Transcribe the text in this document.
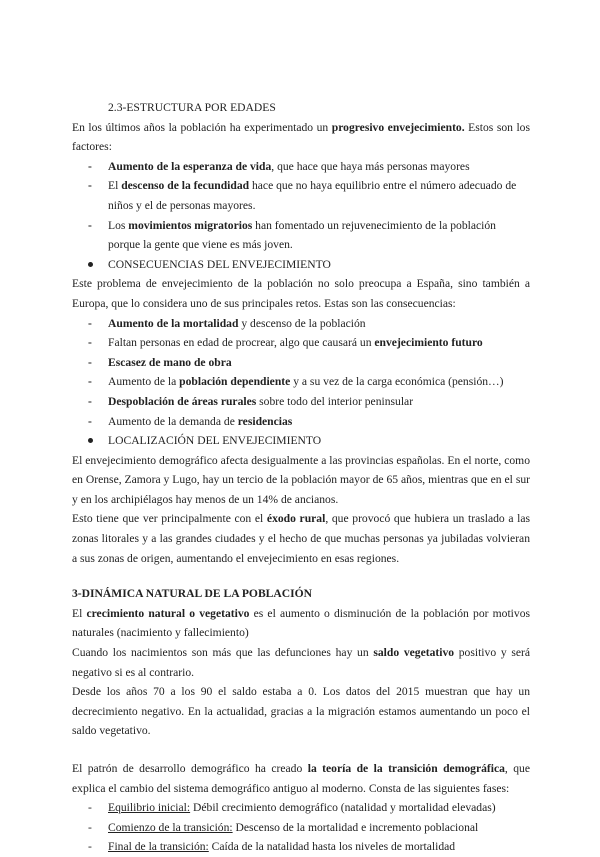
2.3-ESTRUCTURA POR EDADES

En los últimos años la población ha experimentado un progresivo envejecimiento. Estos son los factores:

-	Aumento de la esperanza de vida, que hace que haya más personas mayores
-	El descenso de la fecundidad hace que no haya equilibrio entre el número adecuado de niños y el de personas mayores.
-	Los movimientos migratorios han fomentado un rejuvenecimiento de la población porque la gente que viene es más joven.
CONSECUENCIAS DEL ENVEJECIMIENTO

Este problema de envejecimiento de la población no solo preocupa a España, sino también a Europa, que lo considera uno de sus principales retos. Estas son las consecuencias:

-	Aumento de la mortalidad y descenso de la población
-	Faltan personas en edad de procrear, algo que causará un envejecimiento futuro
-	Escasez de mano de obra
-	Aumento de la población dependiente y a su vez de la carga económica (pensión…)
-	Despoblación de áreas rurales sobre todo del interior peninsular
-	Aumento de la demanda de residencias
LOCALIZACIÓN DEL ENVEJECIMIENTO

El envejecimiento demográfico afecta desigualmente a las provincias españolas. En el norte, como en Orense, Zamora y Lugo, hay un tercio de la población mayor de 65 años, mientras que en el sur y en los archipiélagos hay menos de un 14% de ancianos.

Esto tiene que ver principalmente con el éxodo rural, que provocó que hubiera un traslado a las zonas litorales y a las grandes ciudades y el hecho de que muchas personas ya jubiladas volvieran a sus zonas de origen, aumentando el envejecimiento en esas regiones.

3-DINÁMICA NATURAL DE LA POBLACIÓN

El crecimiento natural o vegetativo es el aumento o disminución de la población por motivos naturales (nacimiento y fallecimiento)

Cuando los nacimientos son más que las defunciones hay un saldo vegetativo positivo y será negativo si es al contrario.

Desde los años 70 a los 90 el saldo estaba a 0. Los datos del 2015 muestran que hay un decrecimiento negativo. En la actualidad, gracias a la migración estamos aumentando un poco el saldo vegetativo.

El patrón de desarrollo demográfico ha creado la teoría de la transición demográfica, que explica el cambio del sistema demográfico antiguo al moderno. Consta de las siguientes fases:

-	Equilibrio inicial: Débil crecimiento demográfico (natalidad y mortalidad elevadas)
-	Comienzo de la transición: Descenso de la mortalidad e incremento poblacional
-	Final de la transición: Caída de la natalidad hasta los niveles de mortalidad
